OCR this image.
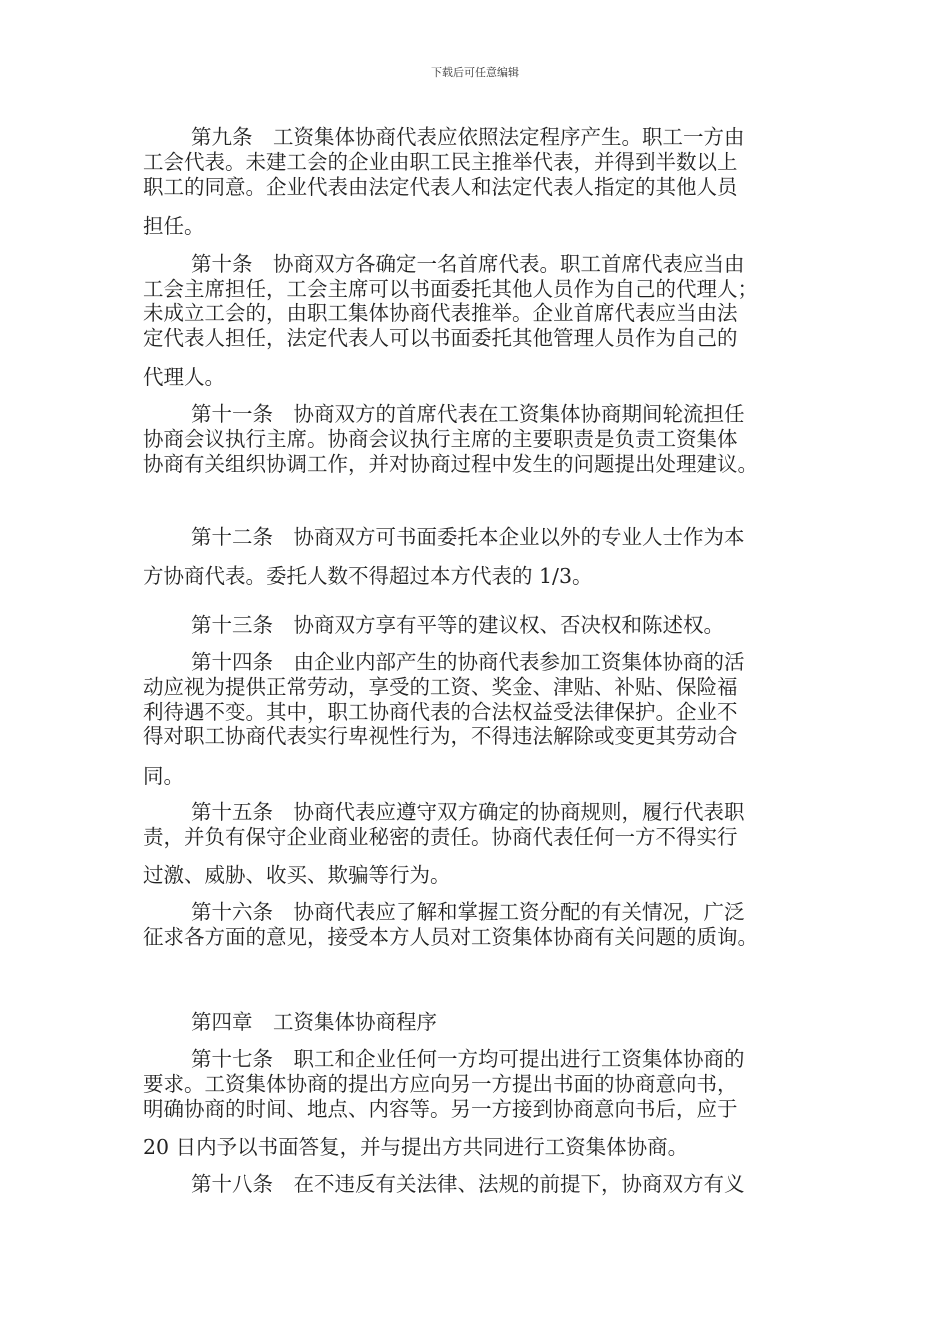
下载后可任意编辑
第九条　工资集体协商代表应依照法定程序产生。职工一方由
工会代表。未建工会的企业由职工民主推举代表，并得到半数以上
职工的同意。企业代表由法定代表人和法定代表人指定的其他人员
担任。
第十条　协商双方各确定一名首席代表。职工首席代表应当由
工会主席担任，工会主席可以书面委托其他人员作为自己的代理人；
未成立工会的，由职工集体协商代表推举。企业首席代表应当由法
定代表人担任，法定代表人可以书面委托其他管理人员作为自己的
代理人。
第十一条　协商双方的首席代表在工资集体协商期间轮流担任
协商会议执行主席。协商会议执行主席的主要职责是负责工资集体
协商有关组织协调工作，并对协商过程中发生的问题提出处理建议。
第十二条　协商双方可书面委托本企业以外的专业人士作为本
方协商代表。委托人数不得超过本方代表的 1/3。
第十三条　协商双方享有平等的建议权、否决权和陈述权。
第十四条　由企业内部产生的协商代表参加工资集体协商的活
动应视为提供正常劳动，享受的工资、奖金、津贴、补贴、保险福
利待遇不变。其中，职工协商代表的合法权益受法律保护。企业不
得对职工协商代表实行卑视性行为，不得违法解除或变更其劳动合
同。
第十五条　协商代表应遵守双方确定的协商规则，履行代表职
责，并负有保守企业商业秘密的责任。协商代表任何一方不得实行
过激、威胁、收买、欺骗等行为。
第十六条　协商代表应了解和掌握工资分配的有关情况，广泛
征求各方面的意见，接受本方人员对工资集体协商有关问题的质询。
第四章　工资集体协商程序
第十七条　职工和企业任何一方均可提出进行工资集体协商的
要求。工资集体协商的提出方应向另一方提出书面的协商意向书，
明确协商的时间、地点、内容等。另一方接到协商意向书后，应于
20 日内予以书面答复，并与提出方共同进行工资集体协商。
第十八条　在不违反有关法律、法规的前提下，协商双方有义
